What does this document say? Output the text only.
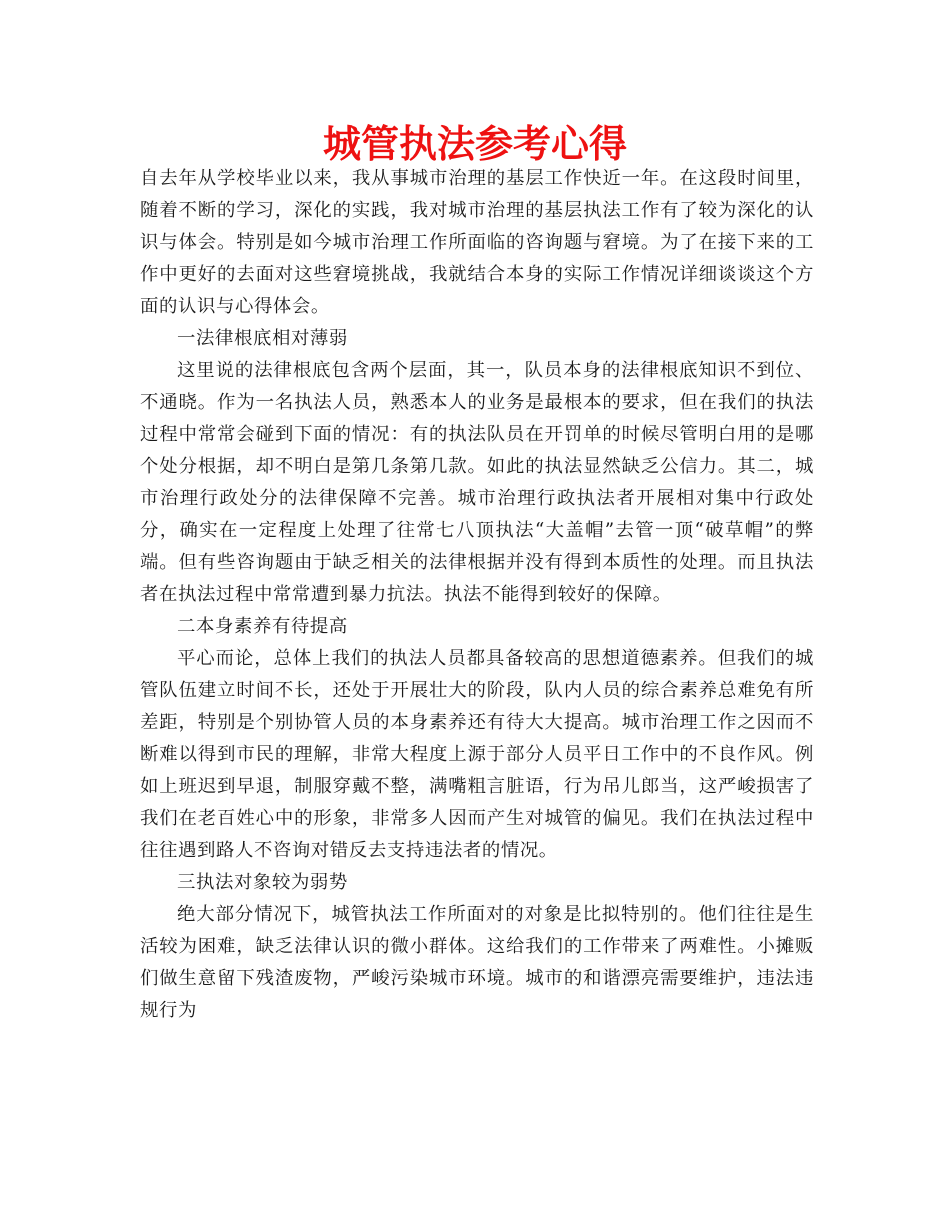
城管执法参考心得

自去年从学校毕业以来，我从事城市治理的基层工作快近一年。在这段时间里，随着不断的学习，深化的实践，我对城市治理的基层执法工作有了较为深化的认识与体会。特别是如今城市治理工作所面临的咨询题与窘境。为了在接下来的工作中更好的去面对这些窘境挑战，我就结合本身的实际工作情况详细谈谈这个方面的认识与心得体会。

一法律根底相对薄弱

这里说的法律根底包含两个层面，其一，队员本身的法律根底知识不到位、不通晓。作为一名执法人员，熟悉本人的业务是最根本的要求，但在我们的执法过程中常常会碰到下面的情况：有的执法队员在开罚单的时候尽管明白用的是哪个处分根据，却不明白是第几条第几款。如此的执法显然缺乏公信力。其二，城市治理行政处分的法律保障不完善。城市治理行政执法者开展相对集中行政处分，确实在一定程度上处理了往常七八顶执法“大盖帽”去管一顶“破草帽”的弊端。但有些咨询题由于缺乏相关的法律根据并没有得到本质性的处理。而且执法者在执法过程中常常遭到暴力抗法。执法不能得到较好的保障。

二本身素养有待提高

平心而论，总体上我们的执法人员都具备较高的思想道德素养。但我们的城管队伍建立时间不长，还处于开展壮大的阶段，队内人员的综合素养总难免有所差距，特别是个别协管人员的本身素养还有待大大提高。城市治理工作之因而不断难以得到市民的理解，非常大程度上源于部分人员平日工作中的不良作风。例如上班迟到早退，制服穿戴不整，满嘴粗言脏语，行为吊儿郎当，这严峻损害了我们在老百姓心中的形象，非常多人因而产生对城管的偏见。我们在执法过程中往往遇到路人不咨询对错反去支持违法者的情况。

三执法对象较为弱势

绝大部分情况下，城管执法工作所面对的对象是比拟特别的。他们往往是生活较为困难，缺乏法律认识的微小群体。这给我们的工作带来了两难性。小摊贩们做生意留下残渣废物，严峻污染城市环境。城市的和谐漂亮需要维护，违法违规行为
